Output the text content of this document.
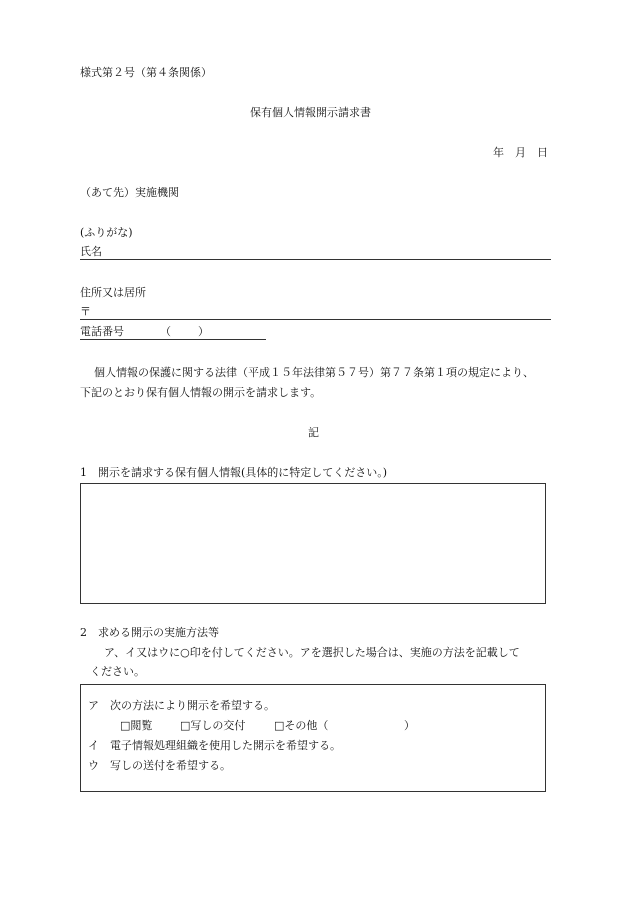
様式第２号（第４条関係）
保有個人情報開示請求書
年　月　日
（あて先）実施機関
(ふりがな)
氏名
住所又は居所
〒
電話番号	（ ）
個人情報の保護に関する法律（平成１５年法律第５７号）第７７条第１項の規定により、
下記のとおり保有個人情報の開示を請求します。
記
1　開示を請求する保有個人情報(具体的に特定してください。)
2　求める開示の実施方法等
ア、イ又はウに○印を付してください。アを選択した場合は、実施の方法を記載して
ください。
ア　次の方法により開示を希望する。
□閲覧	□写しの交付	□その他（	）
イ　電子情報処理組織を使用した開示を希望する。
ウ　写しの送付を希望する。
